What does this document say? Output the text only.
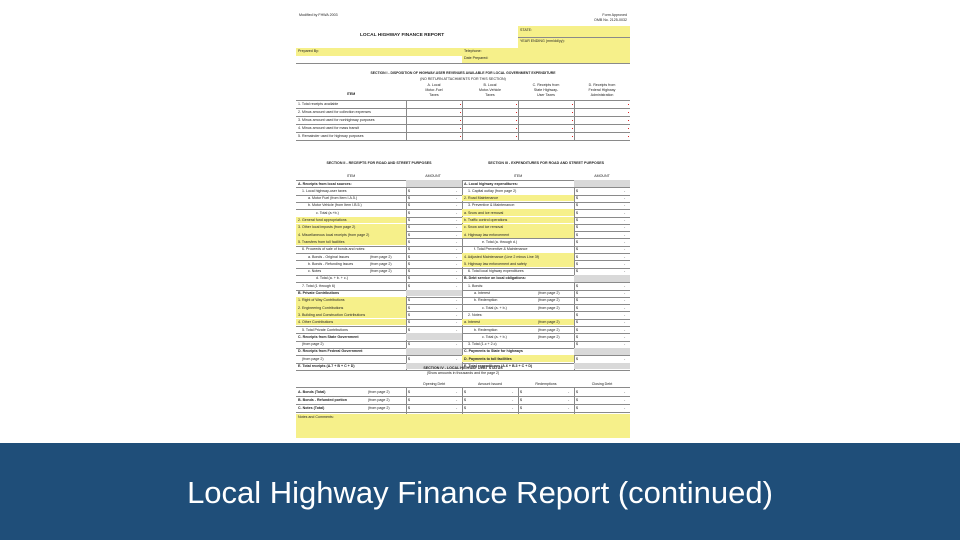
Modified by FHWA 2003	Form Approved
OMB No. 2125-0032
LOCAL HIGHWAY FINANCE REPORT
STATE:
YEAR ENDING (mm/dd/yy):
Prepared By:	Telephone:
Date Prepared:
SECTION I - DISPOSITION OF HIGHWAY-USER REVENUES AVAILABLE FOR LOCAL GOVERNMENT EXPENDITURE
(NO RETURN ATTACHMENTS FOR THIS SECTION)
ITEM
A. Local
Motor-Fuel
Taxes
B. Local
Motor-Vehicle
Taxes
C. Receipts from
State Highway-
User Taxes
D. Receipts from
Federal Highway
Administration
1. Total receipts available
2. Minus amount used for collection expenses
3. Minus amount used for nonhighway purposes
4. Minus amount used for mass transit
5. Remainder used for highway purposes
SECTION II - RECEIPTS FOR ROAD AND STREET PURPOSES	SECTION III - EXPENDITURES FOR ROAD AND STREET PURPOSES
ITEM	AMOUNT	ITEM	AMOUNT
A. Receipts from local sources:
1. Local highway-user taxes	$	-
a. Motor Fuel (from Item I.A.5.)	$	-
b. Motor Vehicle (from Item I.B.5.)	$	-
c. Total (a.+b.)	$	-
2. General fund appropriations	$	-
3. Other local imposts (from page 2)	$	-
4. Miscellaneous local receipts (from page 2)	$	-
5. Transfers from toll facilities	$	-
6. Proceeds of sale of bonds and notes:	$	-
a. Bonds - Original Issues	(from page 2)	$	-
b. Bonds - Refunding Issues	(from page 2)	$	-
c. Notes	(from page 2)	$	-
d. Total (a. + b. + c.)	$	-
7. Total (1 through 6)	$	-
B. Private Contributions
1. Right of Way Contributions	$	-
2. Engineering Contributions	$	-
3. Building and Construction Contributions	$	-
4. Other Contributions	$	-
5. Total Private Contributions	$	-
C. Receipts from State Government
(from page 2)	$	-
D. Receipts from Federal Government
(from page 2)	$	-
E. Total receipts (A.7 + B + C + D)
A. Local highway expenditures:
1. Capital outlay (from page 2)	$	-
2. Road Maintenance	$	-
3. Preventive & Maintenance:	$	-
a. Snow and ice removal	$	-
b. Traffic control operations	$	-
c. Snow and ice removal	$	-
d. Highway law enforcement	$	-
e. Total (a. through d.)	$	-
f. Total Preventive & Maintenance	$	-
4. Adjusted Maintenance (Line 2 minus Line 3f)	$	-
5. Highway law enforcement and safety	$	-
6. Total local highway expenditures	$	-
B. Debt service on local obligations:
1. Bonds:	$	-
a. Interest	(from page 2)	$	-
b. Redemption	(from page 2)	$	-
c. Total (a. + b.)	(from page 2)	$	-
2. Notes:	$	-
a. Interest	(from page 2)	$	-
b. Redemption	(from page 2)	$	-
c. Total (a. + b.)	(from page 2)	$	-
3. Total (1.c + 2.c)	$	-
C. Payments to State for highways
D. Payments to toll facilities	$	-
E. Total expenditures (A.6 + B.3 + C + D)
SECTION IV - LOCAL HIGHWAY DEBT STATUS
(Show amounts in thousands and the page 2)
Opening Debt	Amount Issued	Redemptions	Closing Debt
A. Bonds (Total)	(from page 2)	$	- $	- $	- $	-
B. Bonds - Refunded portion	(from page 2)	$	- $	- $	- $	-
C. Notes (Total)	(from page 2)	$	- $	- $	- $	-
Notes and Comments:
Local Highway Finance Report (continued)
